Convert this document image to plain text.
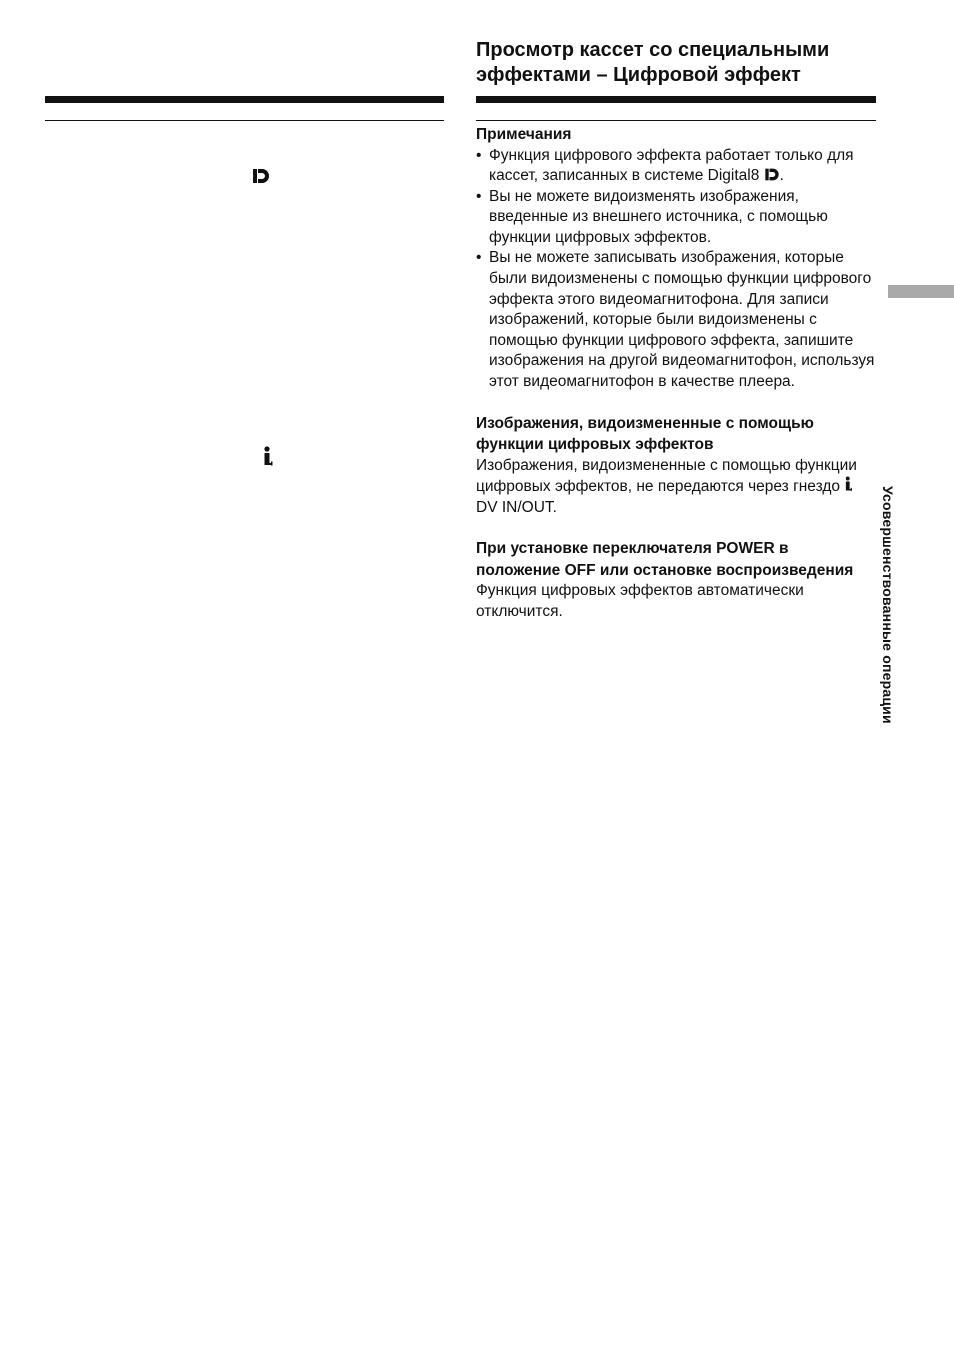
Просмотр кассет со специальными
эффектами – Цифровой эффект
Примечания
• Функция цифрового эффекта работает только для кассет, записанных в системе Digital8 .
• Вы не можете видоизменять изображения, введенные из внешнего источника, с помощью функции цифровых эффектов.
• Вы не можете записывать изображения, которые были видоизменены с помощью функции цифрового эффекта этого видеомагнитофона. Для записи изображений, которые были видоизменены с помощью функции цифрового эффекта, запишите изображения на другой видеомагнитофон, используя этот видеомагнитофон в качестве плеера.
Изображения, видоизмененные с помощью функции цифровых эффектов

Изображения, видоизмененные с помощью функции цифровых эффектов, не передаются через гнездо  DV IN/OUT.

При установке переключателя POWER в положение OFF или остановке воспроизведения

Функция цифровых эффектов автоматически отключится.	Усовершенствованные операции
